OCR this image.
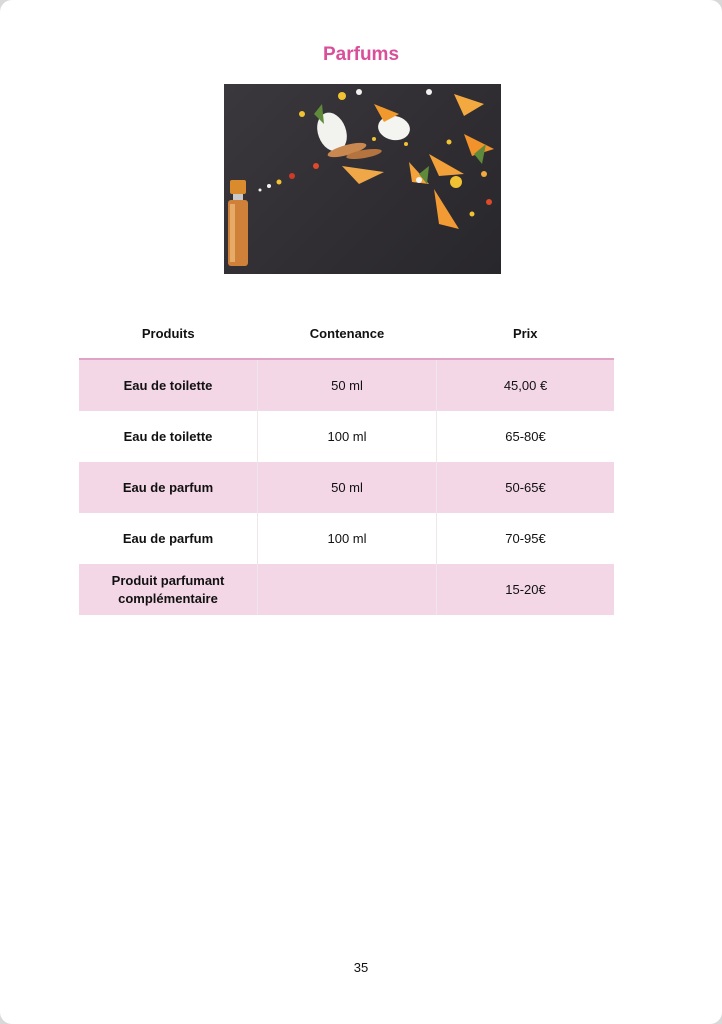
Parfums
Produits	Contenance	Prix
Eau de toilette	50 ml	45,00 €
Eau de toilette	100 ml	65-80€
Eau de parfum	50 ml	50-65€
Eau de parfum	100 ml	70-95€
Produit parfumant complémentaire		15-20€
35
